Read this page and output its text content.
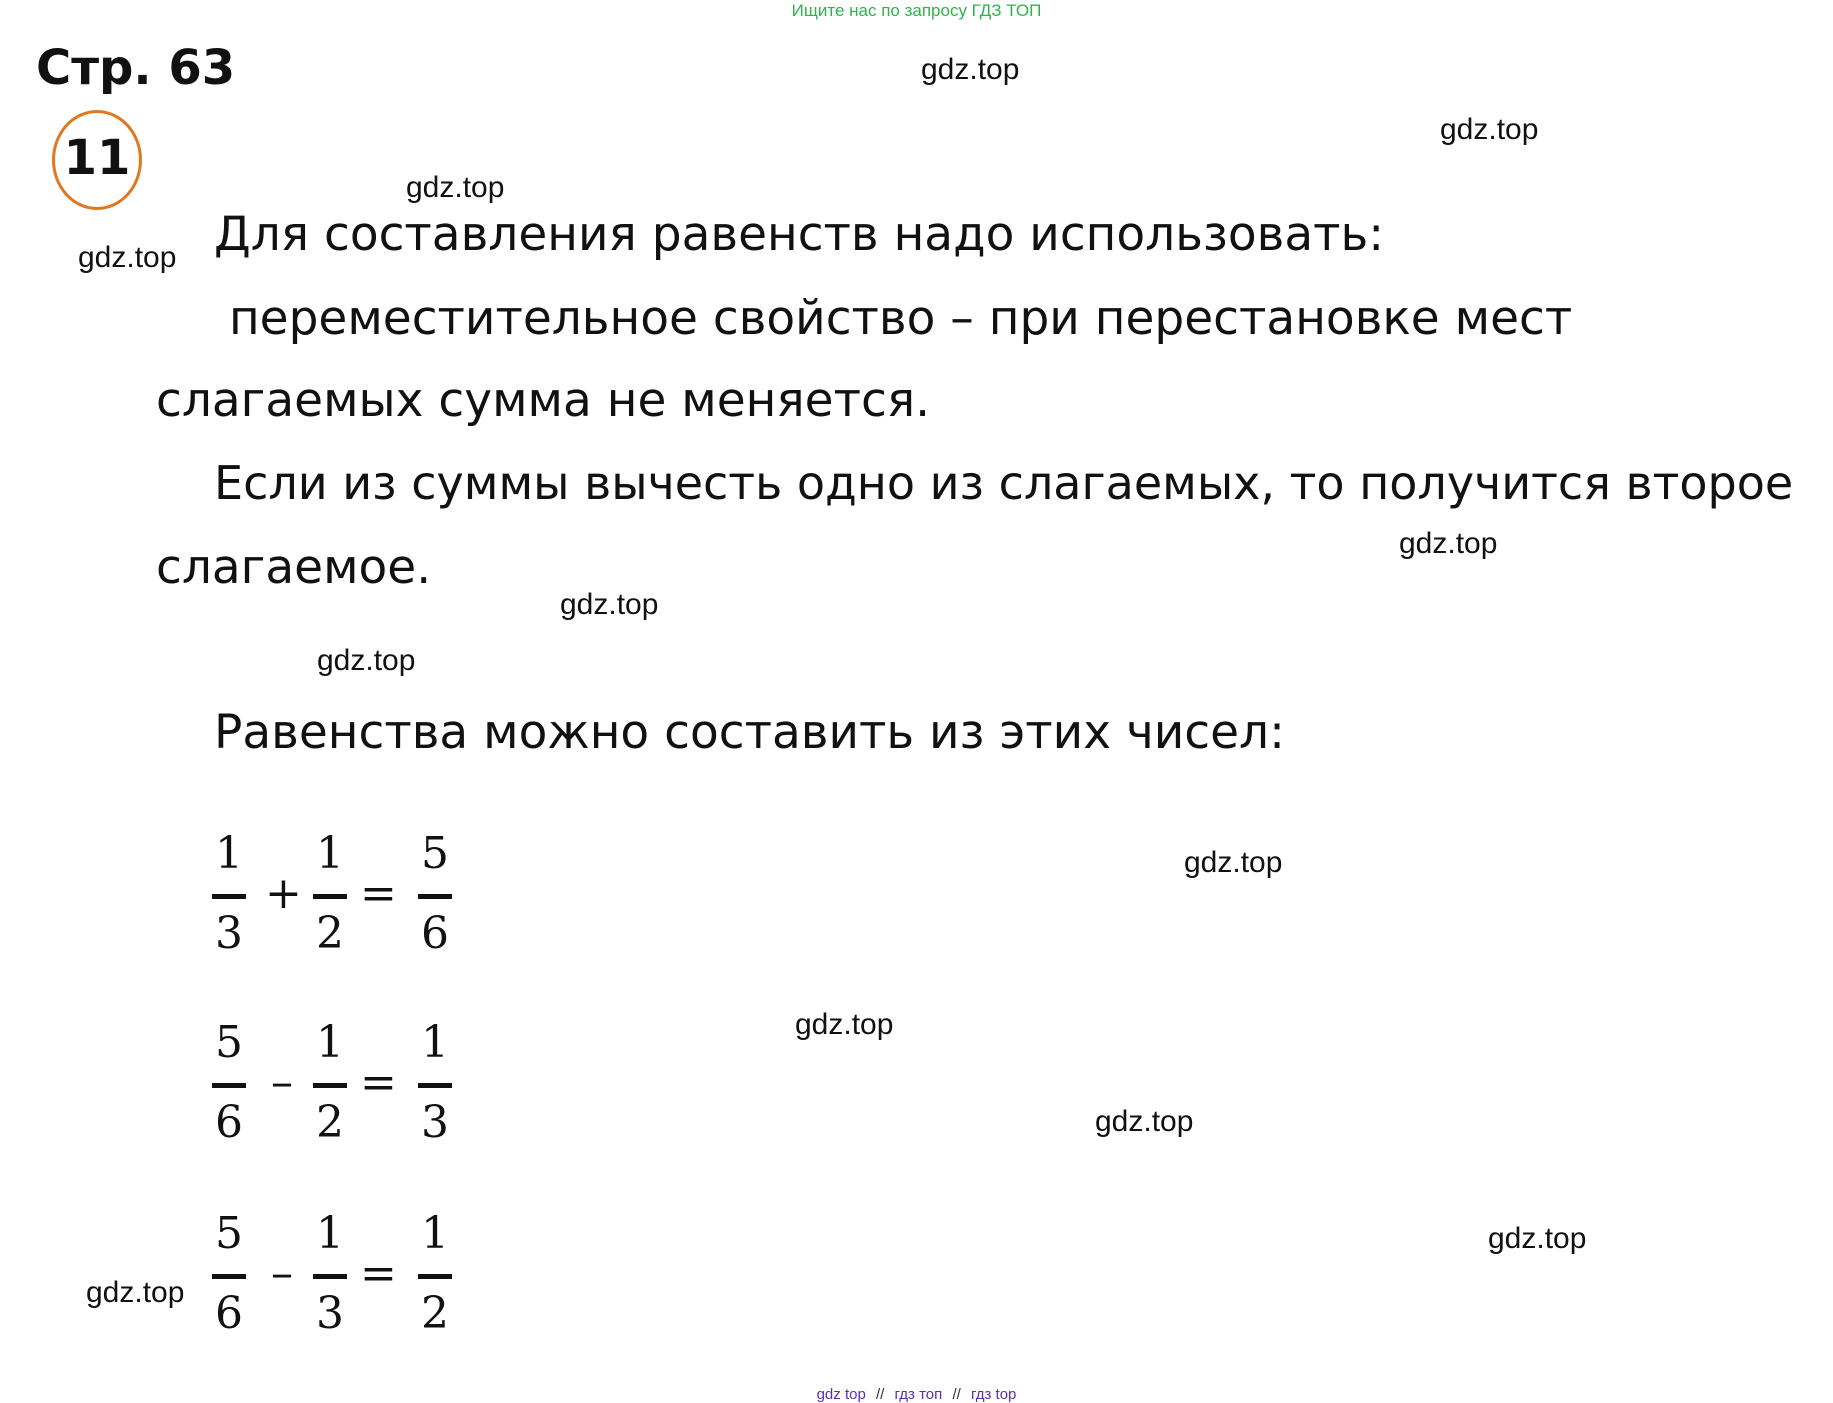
Ищите нас по запросу ГДЗ ТОП
Стр. 63
11
gdz.top
gdz.top
gdz.top
gdz.top
gdz.top
gdz.top
gdz.top
gdz.top
gdz.top
gdz.top
gdz.top
gdz.top
Для составления равенств надо использовать:
переместительное свойство – при перестановке мест
слагаемых сумма не меняется.
Если из суммы вычесть одно из слагаемых, то получится второе
слагаемое.
Равенства можно составить из этих чисел:
1
3
+
1
2
=
5
6
5
6
–
1
2
=
1
3
5
6
–
1
3
=
1
2
gdz top // гдз топ // гдз top
